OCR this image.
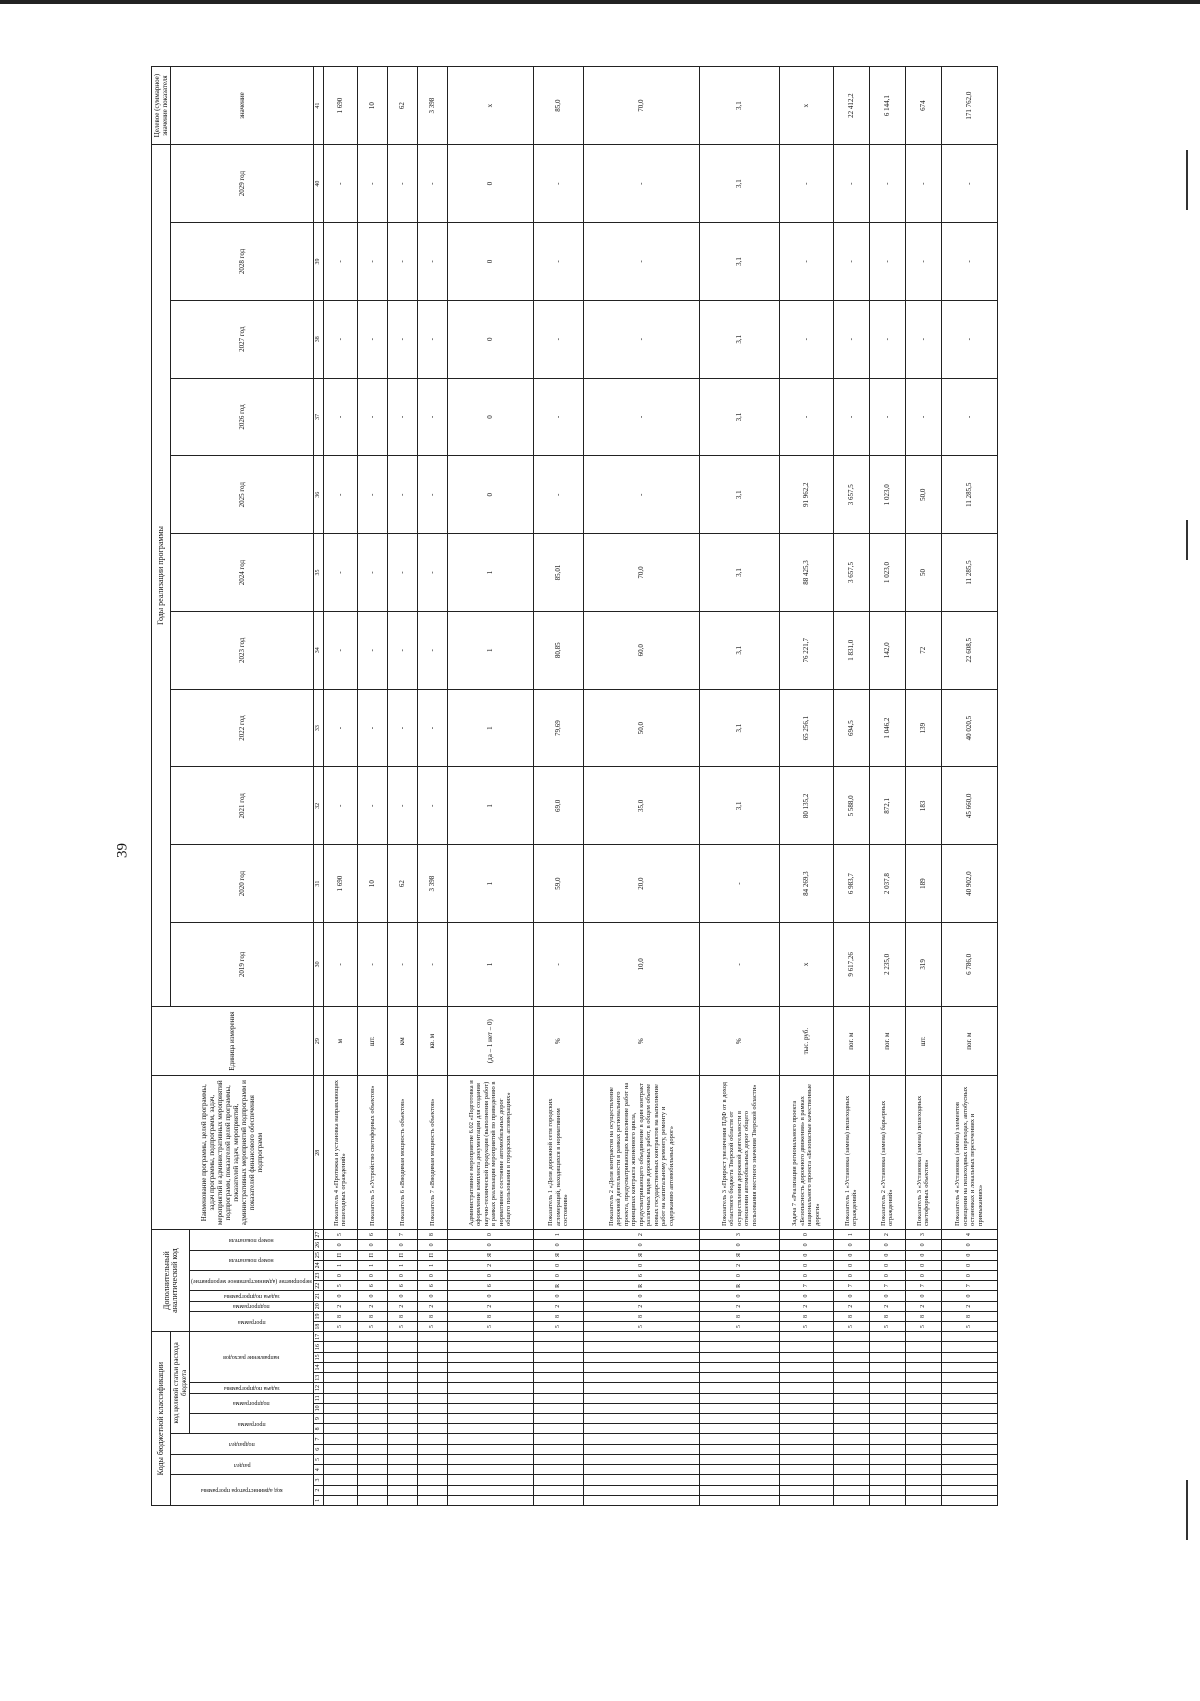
39
Коды бюджетной классификации																	Дополнительный аналитический код										Наименование программы, целей программы, задач программы, подпрограмм, задач, мероприятий и административных мероприятий подпрограмм, показателей целей программы, показателей задач, мероприятий, административных мероприятий подпрограмм и показателей финансового обеспечения подпрограмм	Единица измерения	Годы реализации программы											Целевое (суммарное) значение показателя

код администратора программы			раздел		подраздел		код целевой статьи расхода бюджета																						2019 год	2020 год	2021 год	2022 год	2023 год	2024 год	2025 год	2026 год	2027 год	2028 год	2029 год	значение

							программа		подпрограмма		задача подпрограммы	направление расходов					программа		подпрограмма	задача подпрограммы	мероприятие (административное мероприятие)		номер показателя		номер показателя															

1	2	3	4	5	6	7	8	9	10	11	12	13	14	15	16	17	18	19	20	21	22	23	24	25	26	27	28	29	30	31	32	33	34	35	36	37	38	39	40	41
																	5	8	2	0	5	0	1	П	0	5	Показатель 4 «Протяжка и установка направляющих пешеходных ограждений»	м	-	1 690	-	-	-	-	-	-	-	-	-	1 690
																	5	8	2	0	6	0	1	П	0	6	Показатель 5 «Устройство светофорных объектов»	шт.	-	10	-	-	-	-	-	-	-	-	-	10
																	5	8	2	0	6	0	1	П	0	7	Показатель 6 «Вводимая мощность объектов»	км	-	62	-	-	-	-	-	-	-	-	-	62
																	5	8	2	0	6	0	1	П	0	8	Показатель 7 «Вводимая мощность объектов»	кв. м	-	3 398	-	-	-	-	-	-	-	-	-	3 398
																	5	8	2	0	6	0	2	Я	0	0	Административное мероприятие 6.02 «Подготовка и оформление комплекта документации для создания научно-технической продукции (выполнения работ) в рамках реализации мероприятий по приведению в нормативное состояние автомобильных дорог общего пользования в городских агломерациях»	(да – 1 нет – 0)	1	1	1	1	1	1	0	0	0	0	0	х
																	5	8	2	0	R	0	0	Я	0	1	Показатель 1 «Доля дорожной сети городских агломераций, находящихся в нормативном состоянии»	%	-	59,0	69,0	79,69	80,85	85,01	-	-	-	-	-	85,0
																	5	8	2	0	R	6	0	Я	0	2	Показатель 2 «Доля контрактов на осуществление дорожной деятельности в рамках регионального проекта, предусматривающих выполнение работ на принципах контракта жизненного цикла, предусматривающего объединение в один контракт различных видов дорожных работ, в общем объеме новых государственных контрактов на выполнение работ на капитальному ремонту, ремонту и содержанию автомобильных дорог»	%	10,0	20,0	35,0	50,0	60,0	70,0	-	-	-	-	-	70,0
																	5	8	2	0	R	0	2	Я	0	3	Показатель 3 «Прирост увеличения ПДФ от в доход областного бюджета Тверской области от осуществления дорожной деятельности в отношении автомобильных дорог общего пользования местного значения Тверской области»	%	-	-	3,1	3,1	3,1	3,1	3,1	3,1	3,1	3,1	3,1	3,1
																	5	8	2	0	7	0	0	0	0	0	Задача 7 «Реализация регионального проекта «Безопасность дорожного движения» в рамках национального проекта «Безопасные качественные дороги»	тыс. руб.	х	84 269,3	80 135,2	65 256,1	76 221,7	88 425,3	91 962,2	-	-	-	-	х
																	5	8	2	0	7	0	0	0	0	1	Показатель 1 «Установка (замена) пешеходных ограждений»	пог. м	9 617,26	6 983,7	5 588,0	694,5	1 831,0	3 657,5	3 657,5	-	-	-	-	22 412,2
																	5	8	2	0	7	0	0	0	0	2	Показатель 2 «Установка (замена) барьерных ограждений»	пог. м	2 235,0	2 037,8	872,1	1 046,2	142,0	1 023,0	1 023,0	-	-	-	-	6 144,1
																	5	8	2	0	7	0	0	0	0	3	Показатель 3 «Установка (замена) пешеходных светофорных объектов»	шт.	319	189	183	139	72	50	50,0	-	-	-	-	674
																	5	8	2	0	7	0	0	0	0	4	Показатель 4 «Установка (замена) элементов освещения на пешеходных переходах, автобусных остановках и локальных пересечениях и примыканиях»	пог. м	6 786,0	40 902,0	45 660,0	40 020,5	22 608,5	11 285,5	11 285,5	-	-	-	-	171 762,0
